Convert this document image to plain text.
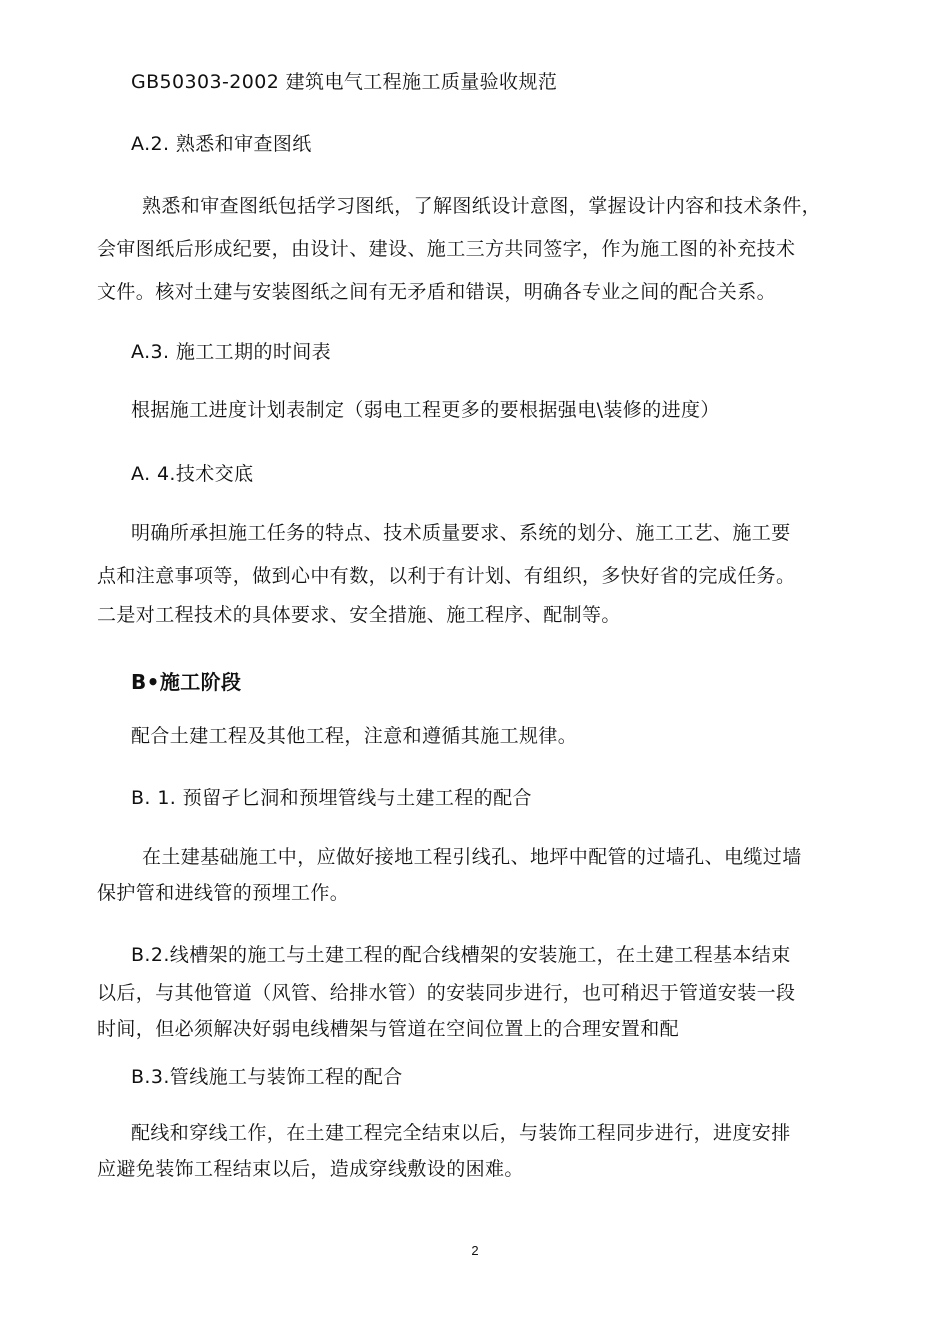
GB50303-2002 建筑电气工程施工质量验收规范
A.2. 熟悉和审查图纸
熟悉和审查图纸包括学习图纸，了解图纸设计意图，掌握设计内容和技术条件，
会审图纸后形成纪要，由设计、建设、施工三方共同签字，作为施工图的补充技术
文件。核对土建与安装图纸之间有无矛盾和错误，明确各专业之间的配合关系。
A.3. 施工工期的时间表
根据施工进度计划表制定（弱电工程更多的要根据强电\装修的进度）
A. 4.技术交底
明确所承担施工任务的特点、技术质量要求、系统的划分、施工工艺、施工要
点和注意事项等，做到心中有数，以利于有计划、有组织，多快好省的完成任务。
二是对工程技术的具体要求、安全措施、施工程序、配制等。
B•施工阶段
配合土建工程及其他工程，注意和遵循其施工规律。
B. 1. 预留孑匕洞和预埋管线与土建工程的配合
在土建基础施工中，应做好接地工程引线孔、地坪中配管的过墙孔、电缆过墙
保护管和进线管的预埋工作。
B.2.线槽架的施工与土建工程的配合线槽架的安装施工，在土建工程基本结束
以后，与其他管道（风管、给排水管）的安装同步进行，也可稍迟于管道安装一段
时间，但必须解决好弱电线槽架与管道在空间位置上的合理安置和配
B.3.管线施工与装饰工程的配合
配线和穿线工作，在土建工程完全结束以后，与装饰工程同步进行，进度安排
应避免装饰工程结束以后，造成穿线敷设的困难。
2
